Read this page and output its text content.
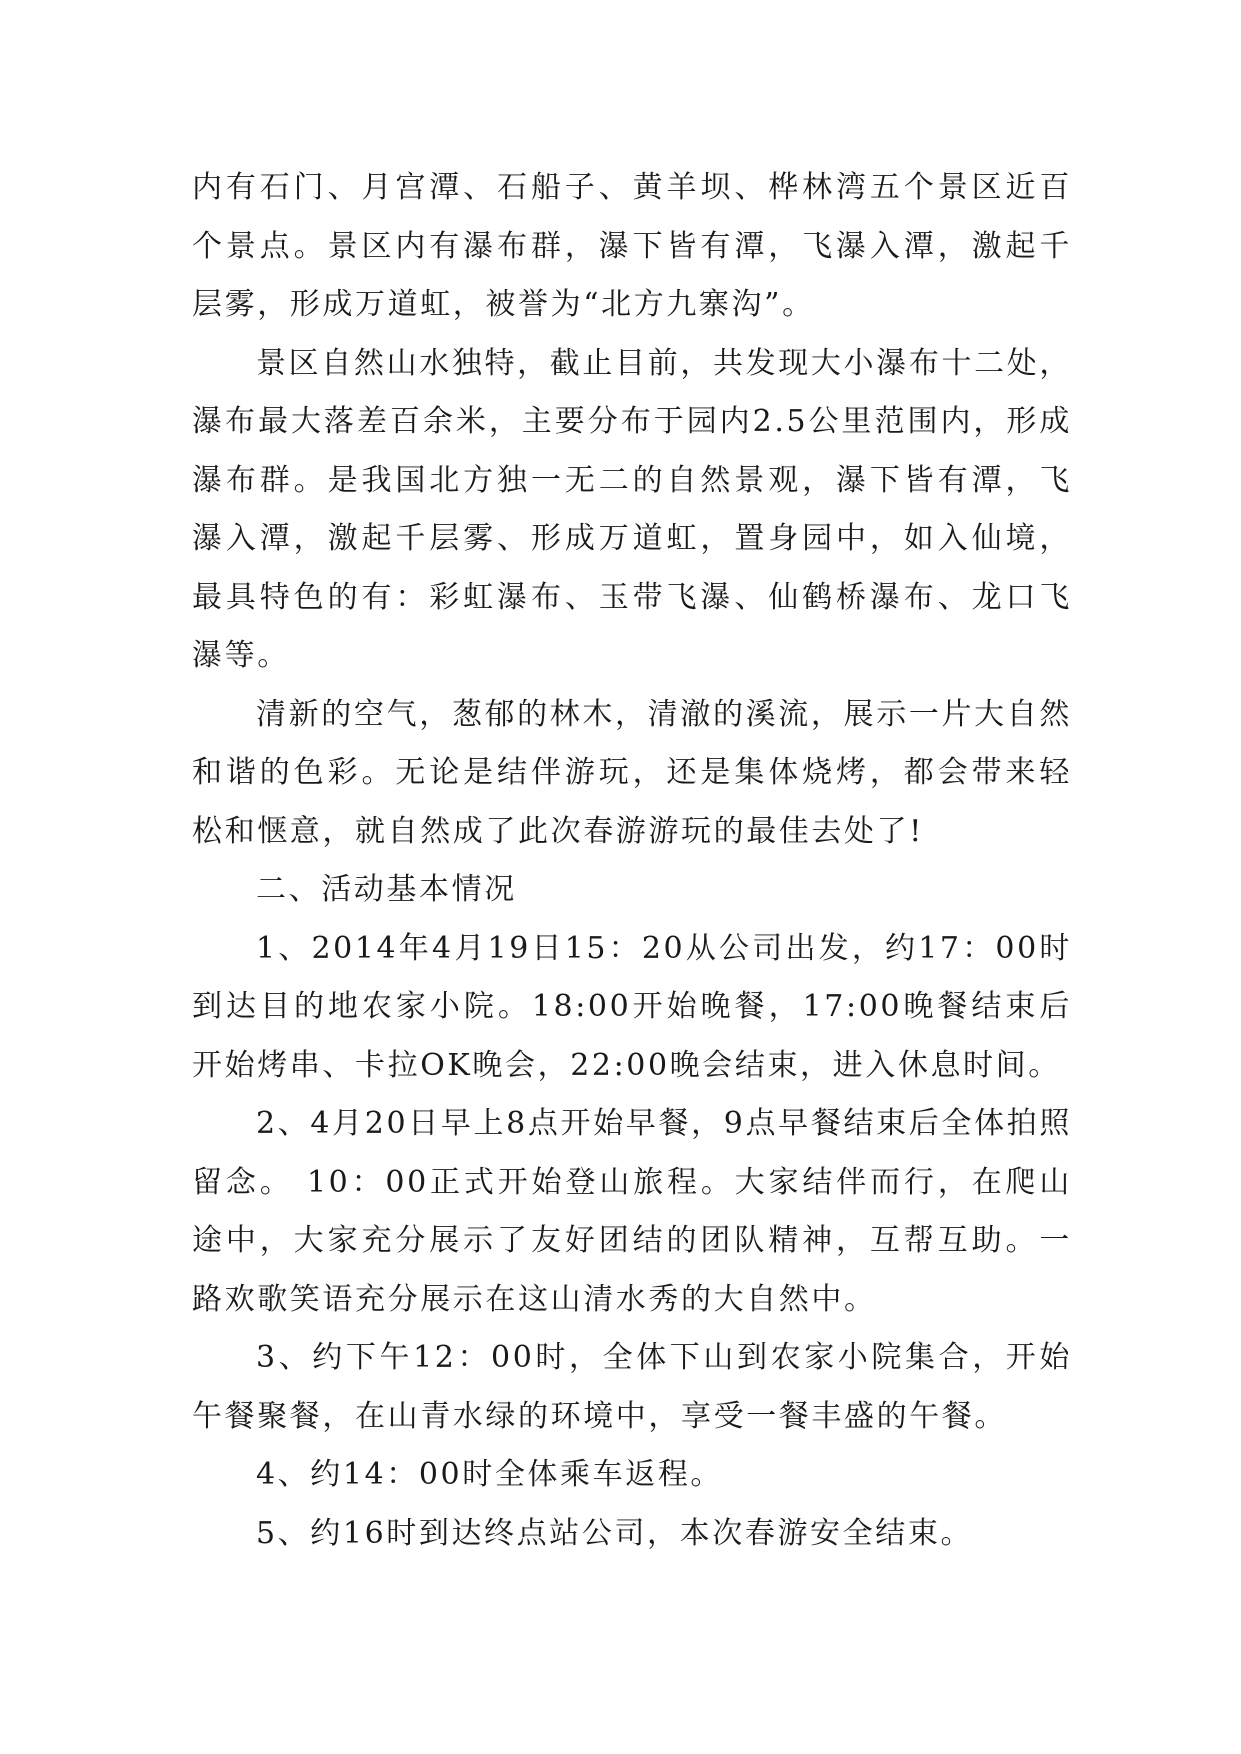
内有石门、月宫潭、石船子、黄羊坝、桦林湾五个景区近百个景点。景区内有瀑布群，瀑下皆有潭，飞瀑入潭，激起千层雾，形成万道虹，被誉为“北方九寨沟”。

景区自然山水独特，截止目前，共发现大小瀑布十二处，瀑布最大落差百余米，主要分布于园内2.5公里范围内，形成瀑布群。是我国北方独一无二的自然景观，瀑下皆有潭，飞瀑入潭，激起千层雾、形成万道虹，置身园中，如入仙境，最具特色的有：彩虹瀑布、玉带飞瀑、仙鹤桥瀑布、龙口飞瀑等。

清新的空气，葱郁的林木，清澈的溪流，展示一片大自然和谐的色彩。无论是结伴游玩，还是集体烧烤，都会带来轻松和惬意，就自然成了此次春游游玩的最佳去处了!

二、活动基本情况

1、2014年4月19日15：20从公司出发，约17：00时到达目的地农家小院。18:00开始晚餐，17:00晚餐结束后开始烤串、卡拉OK晚会，22:00晚会结束，进入休息时间。

2、4月20日早上8点开始早餐，9点早餐结束后全体拍照留念。 10：00正式开始登山旅程。大家结伴而行，在爬山途中，大家充分展示了友好团结的团队精神，互帮互助。一路欢歌笑语充分展示在这山清水秀的大自然中。

3、约下午12：00时，全体下山到农家小院集合，开始午餐聚餐，在山青水绿的环境中，享受一餐丰盛的午餐。

4、约14：00时全体乘车返程。

5、约16时到达终点站公司，本次春游安全结束。
